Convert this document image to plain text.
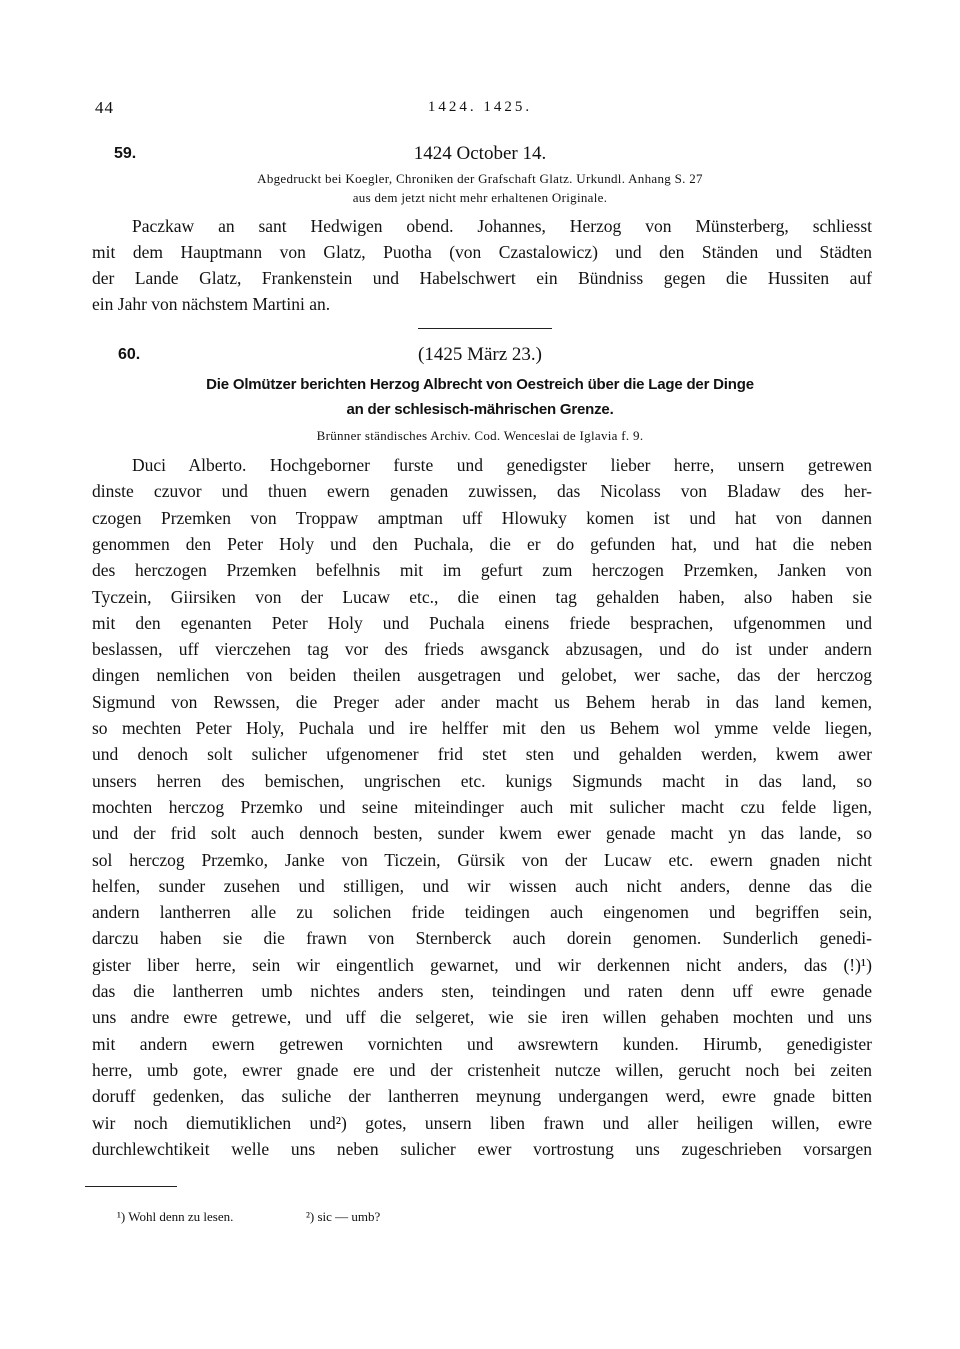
44	1424. 1425.
59.	1424 October 14.
Abgedruckt bei Koegler, Chroniken der Grafschaft Glatz. Urkundl. Anhang S. 27
aus dem jetzt nicht mehr erhaltenen Originale.
Paczkaw an sant Hedwigen obend. Johannes, Herzog von Münsterberg, schliesst
mit dem Hauptmann von Glatz, Puotha (von Czastalowicz) und den Ständen und Städten
der Lande Glatz, Frankenstein und Habelschwert ein Bündniss gegen die Hussiten auf
ein Jahr von nächstem Martini an.
60.	(1425 März 23.)
Die Olmützer berichten Herzog Albrecht von Oestreich über die Lage der Dinge
an der schlesisch-mährischen Grenze.
Brünner ständisches Archiv. Cod. Wenceslai de Iglavia f. 9.
Duci Alberto. Hochgeborner furste und genedigster lieber herre, unsern getrewen
dinste czuvor und thuen ewern genaden zuwissen, das Nicolass von Bladaw des her-
czogen Przemken von Troppaw amptman uff Hlowuky komen ist und hat von dannen
genommen den Peter Holy und den Puchala, die er do gefunden hat, und hat die neben
des herczogen Przemken befelhnis mit im gefurt zum herczogen Przemken, Janken von
Tyczein, Giirsiken von der Lucaw etc., die einen tag gehalden haben, also haben sie
mit den egenanten Peter Holy und Puchala einens friede besprachen, ufgenommen und
beslassen, uff vierczehen tag vor des frieds awsganck abzusagen, und do ist under andern
dingen nemlichen von beiden theilen ausgetragen und gelobet, wer sache, das der herczog
Sigmund von Rewssen, die Preger ader ander macht us Behem herab in das land kemen,
so mechten Peter Holy, Puchala und ire helffer mit den us Behem wol ymme velde liegen,
und denoch solt sulicher ufgenomener frid stet sten und gehalden werden, kwem awer
unsers herren des bemischen, ungrischen etc. kunigs Sigmunds macht in das land, so
mochten herczog Przemko und seine miteindinger auch mit sulicher macht czu felde ligen,
und der frid solt auch dennoch besten, sunder kwem ewer genade macht yn das lande, so
sol herczog Przemko, Janke von Ticzein, Gürsik von der Lucaw etc. ewern gnaden nicht
helfen, sunder zusehen und stilligen, und wir wissen auch nicht anders, denne das die
andern lantherren alle zu solichen fride teidingen auch eingenomen und begriffen sein,
darczu haben sie die frawn von Sternberck auch dorein genomen. Sunderlich genedi-
gister liber herre, sein wir eingentlich gewarnet, und wir derkennen nicht anders, das (!)¹)
das die lantherren umb nichtes anders sten, teindingen und raten denn uff ewre genade
uns andre ewre getrewe, und uff die selgeret, wie sie iren willen gehaben mochten und uns
mit andern ewern getrewen vornichten und awsrewtern kunden. Hirumb, genedigister
herre, umb gote, ewrer gnade ere und der cristenheit nutcze willen, gerucht noch bei zeiten
doruff gedenken, das suliche der lantherren meynung undergangen werd, ewre gnade bitten
wir noch diemutiklichen und²) gotes, unsern liben frawn und aller heiligen willen, ewre
durchlewchtikeit welle uns neben sulicher ewer vortrostung uns zugeschrieben vorsargen
¹) Wohl denn zu lesen.	²) sic — umb?
